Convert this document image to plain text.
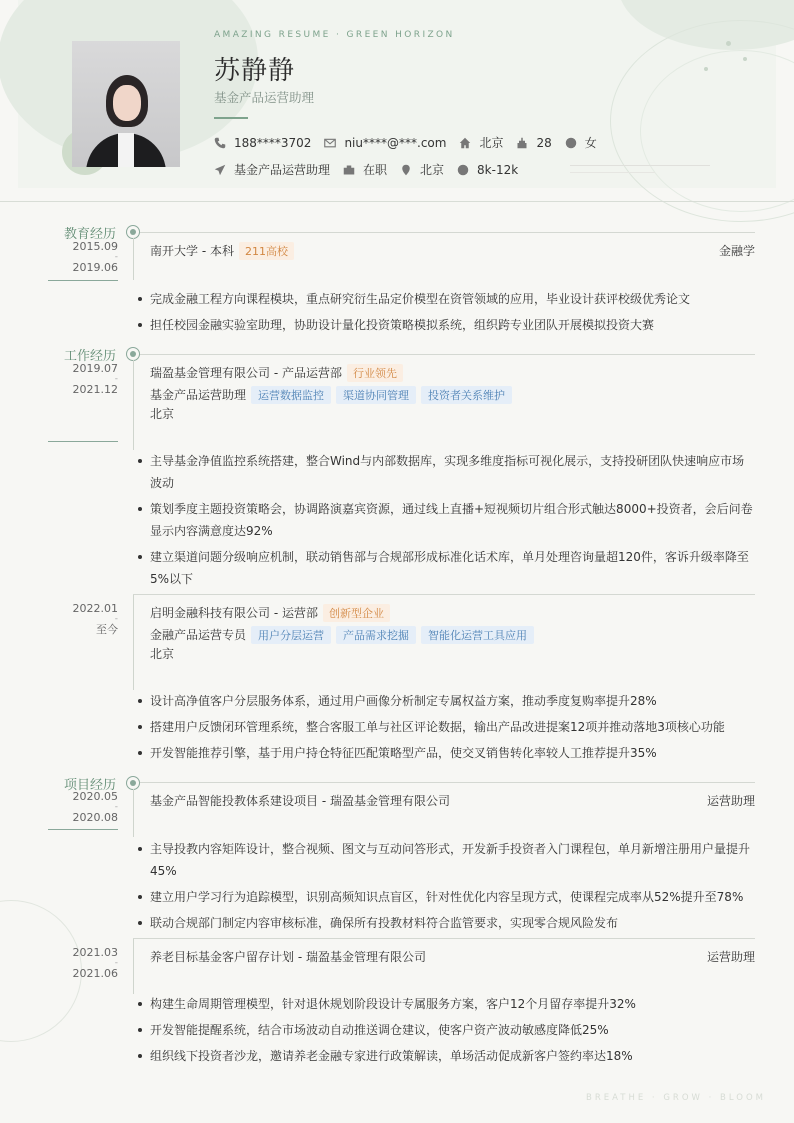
AMAZING RESUME · GREEN HORIZON
苏静静
基金产品运营助理
188****3702	niu****@***.com	北京	28	女
基金产品运营助理	在职	北京	8k-12k
教育经历
2015.09
-
2019.06
南开大学 - 本科 211高校	金融学
完成金融工程方向课程模块，重点研究衍生品定价模型在资管领域的应用，毕业设计获评校级优秀论文
担任校园金融实验室助理，协助设计量化投资策略模拟系统，组织跨专业团队开展模拟投资大赛
工作经历
2019.07
-
2021.12
瑞盈基金管理有限公司 - 产品运营部 行业领先
基金产品运营助理 运营数据监控 渠道协同管理 投资者关系维护
北京
主导基金净值监控系统搭建，整合Wind与内部数据库，实现多维度指标可视化展示，支持投研团队快速响应市场波动
策划季度主题投资策略会，协调路演嘉宾资源，通过线上直播+短视频切片组合形式触达8000+投资者，会后问卷显示内容满意度达92%
建立渠道问题分级响应机制，联动销售部与合规部形成标准化话术库，单月处理咨询量超120件，客诉升级率降至5%以下
2022.01
-
至今
启明金融科技有限公司 - 运营部 创新型企业
金融产品运营专员 用户分层运营 产品需求挖掘 智能化运营工具应用
北京
设计高净值客户分层服务体系，通过用户画像分析制定专属权益方案，推动季度复购率提升28%
搭建用户反馈闭环管理系统，整合客服工单与社区评论数据，输出产品改进提案12项并推动落地3项核心功能
开发智能推荐引擎，基于用户持仓特征匹配策略型产品，使交叉销售转化率较人工推荐提升35%
项目经历
2020.05
-
2020.08
基金产品智能投教体系建设项目 - 瑞盈基金管理有限公司	运营助理
主导投教内容矩阵设计，整合视频、图文与互动问答形式，开发新手投资者入门课程包，单月新增注册用户量提升45%
建立用户学习行为追踪模型，识别高频知识点盲区，针对性优化内容呈现方式，使课程完成率从52%提升至78%
联动合规部门制定内容审核标准，确保所有投教材料符合监管要求，实现零合规风险发布
2021.03
-
2021.06
养老目标基金客户留存计划 - 瑞盈基金管理有限公司	运营助理
构建生命周期管理模型，针对退休规划阶段设计专属服务方案，客户12个月留存率提升32%
开发智能提醒系统，结合市场波动自动推送调仓建议，使客户资产波动敏感度降低25%
组织线下投资者沙龙，邀请养老金融专家进行政策解读，单场活动促成新客户签约率达18%
BREATHE · GROW · BLOOM
